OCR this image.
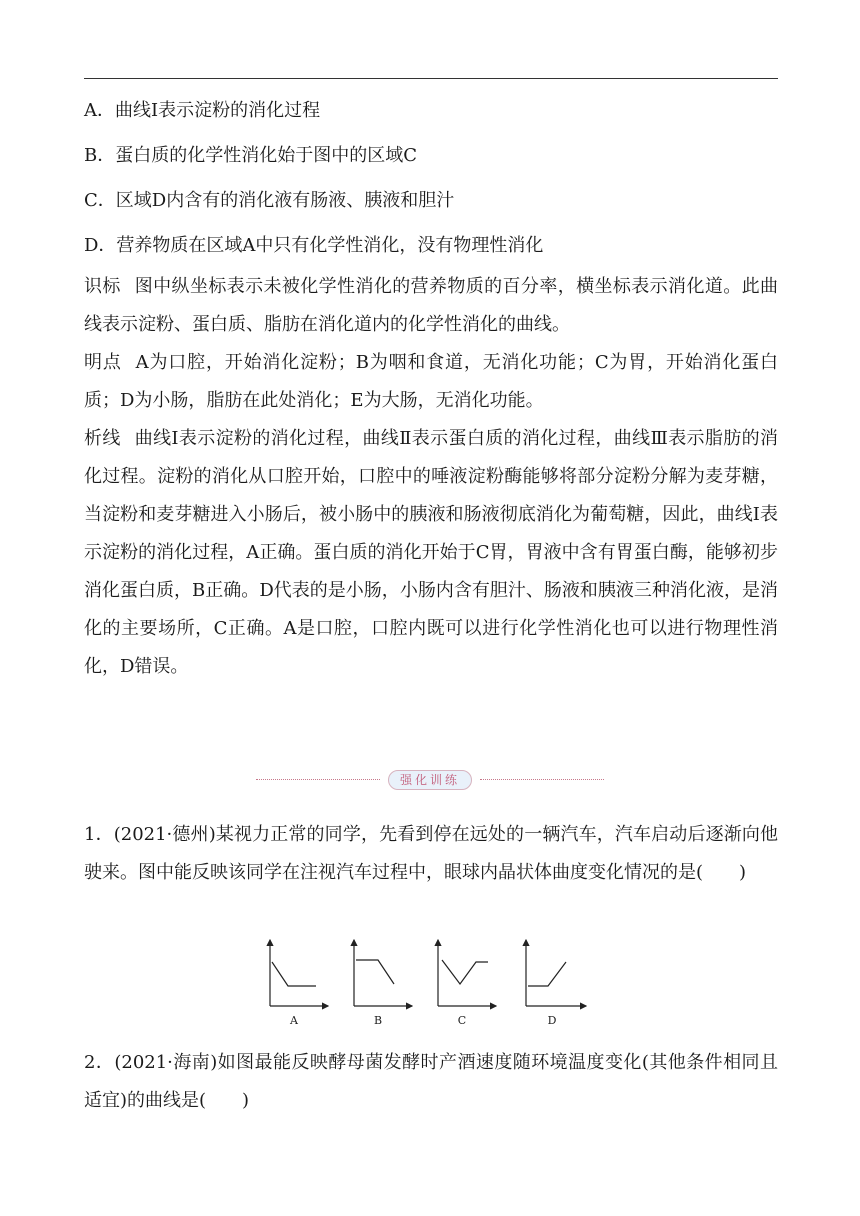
A．曲线Ⅰ表示淀粉的消化过程

B．蛋白质的化学性消化始于图中的区域C

C．区域D内含有的消化液有肠液、胰液和胆汁

D．营养物质在区域A中只有化学性消化，没有物理性消化

识标 图中纵坐标表示未被化学性消化的营养物质的百分率，横坐标表示消化道。此曲线表示淀粉、蛋白质、脂肪在消化道内的化学性消化的曲线。

明点 A为口腔，开始消化淀粉；B为咽和食道，无消化功能；C为胃，开始消化蛋白质；D为小肠，脂肪在此处消化；E为大肠，无消化功能。

析线 曲线Ⅰ表示淀粉的消化过程，曲线Ⅱ表示蛋白质的消化过程，曲线Ⅲ表示脂肪的消化过程。淀粉的消化从口腔开始，口腔中的唾液淀粉酶能够将部分淀粉分解为麦芽糖，当淀粉和麦芽糖进入小肠后，被小肠中的胰液和肠液彻底消化为葡萄糖，因此，曲线Ⅰ表示淀粉的消化过程，A正确。蛋白质的消化开始于C胃，胃液中含有胃蛋白酶，能够初步消化蛋白质，B正确。D代表的是小肠，小肠内含有胆汁、肠液和胰液三种消化液，是消化的主要场所，C正确。A是口腔，口腔内既可以进行化学性消化也可以进行物理性消化，D错误。

强化训练

1．(2021·德州)某视力正常的同学，先看到停在远处的一辆汽车，汽车启动后逐渐向他驶来。图中能反映该同学在注视汽车过程中，眼球内晶状体曲度变化情况的是(　　)

A	B	C	D

2．(2021·海南)如图最能反映酵母菌发酵时产酒速度随环境温度变化(其他条件相同且适宜)的曲线是(　　)
